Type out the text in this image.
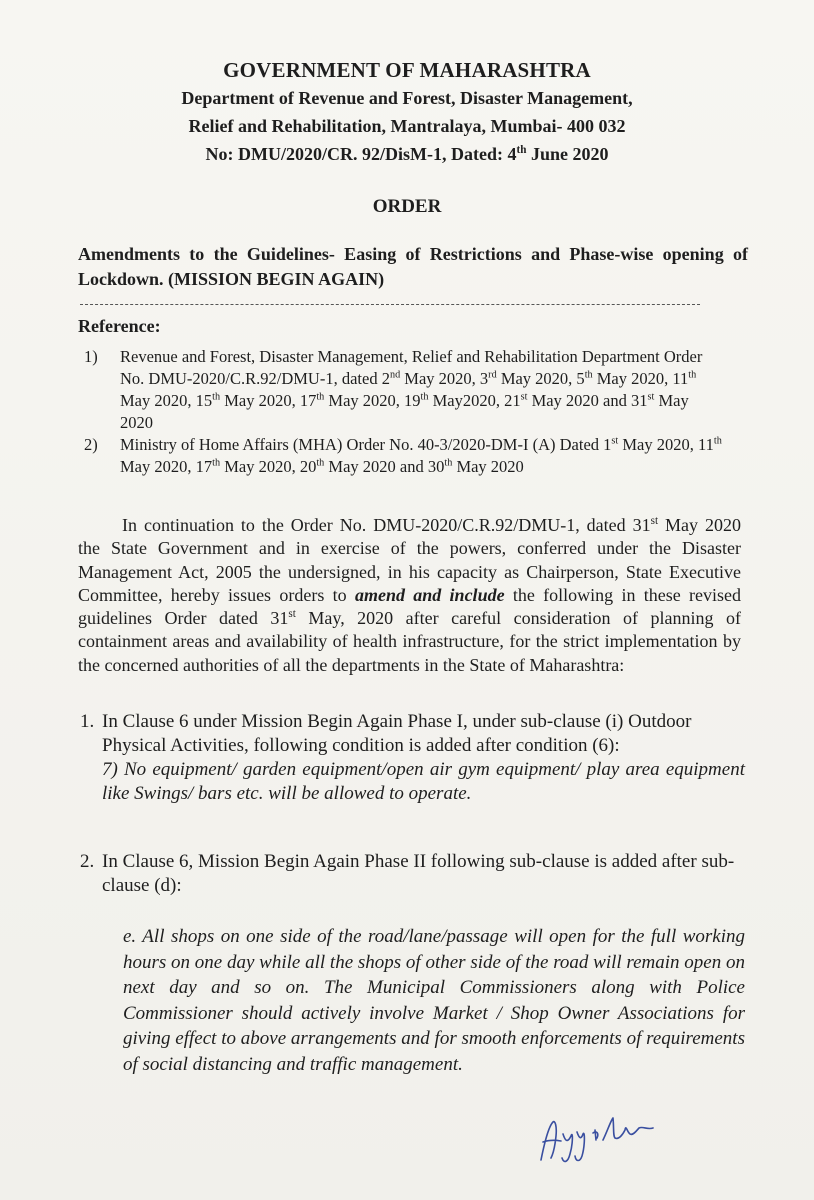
GOVERNMENT OF MAHARASHTRA
Department of Revenue and Forest, Disaster Management,
Relief and Rehabilitation, Mantralaya, Mumbai- 400 032
No: DMU/2020/CR. 92/DisM-1, Dated: 4th June 2020
ORDER
Amendments to the Guidelines- Easing of Restrictions and Phase-wise opening of Lockdown. (MISSION BEGIN AGAIN)
Reference:
1) Revenue and Forest, Disaster Management, Relief and Rehabilitation Department Order No. DMU-2020/C.R.92/DMU-1, dated 2nd May 2020, 3rd May 2020, 5th May 2020, 11th May 2020, 15th May 2020, 17th May 2020, 19th May2020, 21st May 2020 and 31st May 2020
2) Ministry of Home Affairs (MHA) Order No. 40-3/2020-DM-I (A) Dated 1st May 2020, 11th May 2020, 17th May 2020, 20th May 2020 and 30th May 2020
In continuation to the Order No. DMU-2020/C.R.92/DMU-1, dated 31st May 2020 the State Government and in exercise of the powers, conferred under the Disaster Management Act, 2005 the undersigned, in his capacity as Chairperson, State Executive Committee, hereby issues orders to amend and include the following in these revised guidelines Order dated 31st May, 2020 after careful consideration of planning of containment areas and availability of health infrastructure, for the strict implementation by the concerned authorities of all the departments in the State of Maharashtra:
1. In Clause 6 under Mission Begin Again Phase I, under sub-clause (i) Outdoor Physical Activities, following condition is added after condition (6):
7) No equipment/ garden equipment/open air gym equipment/ play area equipment like Swings/ bars etc. will be allowed to operate.
2. In Clause 6, Mission Begin Again Phase II following sub-clause is added after sub-clause (d):
e. All shops on one side of the road/lane/passage will open for the full working hours on one day while all the shops of other side of the road will remain open on next day and so on. The Municipal Commissioners along with Police Commissioner should actively involve Market / Shop Owner Associations for giving effect to above arrangements and for smooth enforcements of requirements of social distancing and traffic management.
